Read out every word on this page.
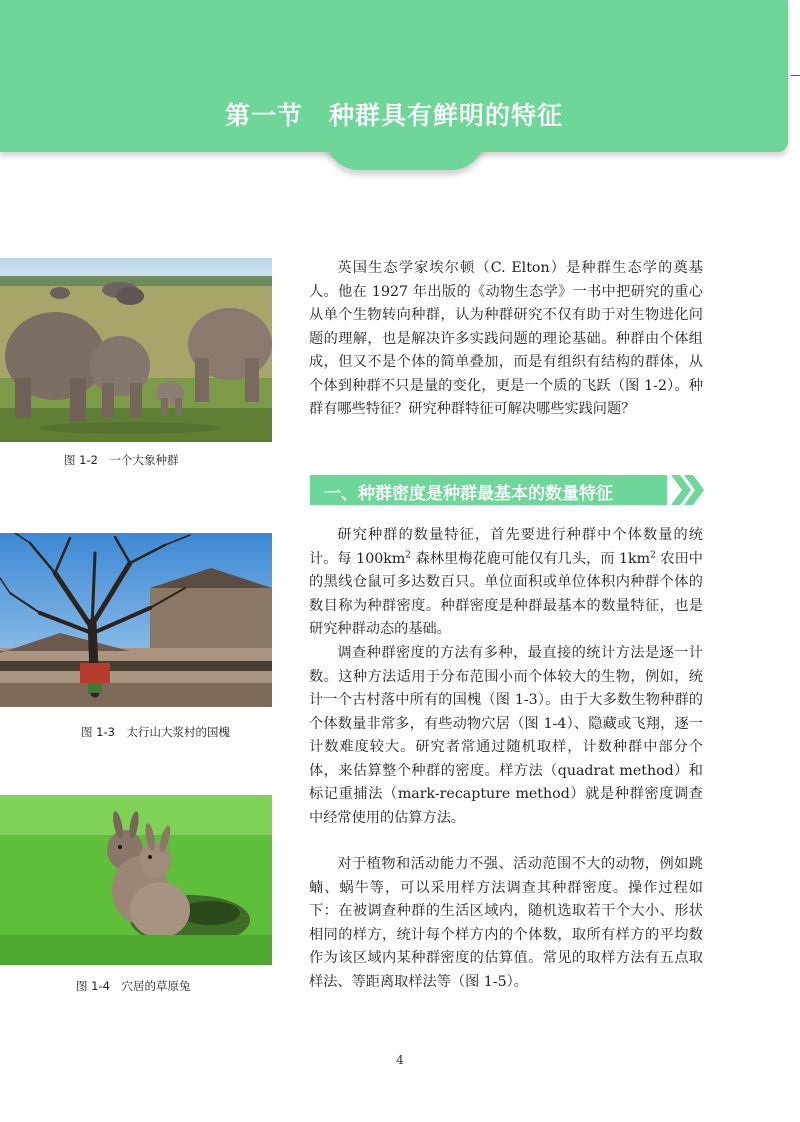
第一节　种群具有鲜明的特征
图 1-2　一个大象种群
图 1-3　太行山大浆村的国槐
图 1-4　穴居的草原兔

英国生态学家埃尔顿（C. Elton）是种群生态学的奠基人。他在 1927 年出版的《动物生态学》一书中把研究的重心从单个生物转向种群，认为种群研究不仅有助于对生物进化问题的理解，也是解决许多实践问题的理论基础。种群由个体组成，但又不是个体的简单叠加，而是有组织有结构的群体，从个体到种群不只是量的变化，更是一个质的飞跃（图 1-2）。种群有哪些特征？研究种群特征可解决哪些实践问题？

一、种群密度是种群最基本的数量特征

研究种群的数量特征，首先要进行种群中个体数量的统计。每 $100km^2$ 森林里梅花鹿可能仅有几头，而 $1km^2$ 农田中的黑线仓鼠可多达数百只。单位面积或单位体积内种群个体的数目称为种群密度。种群密度是种群最基本的数量特征，也是研究种群动态的基础。

调查种群密度的方法有多种，最直接的统计方法是逐一计数。这种方法适用于分布范围小而个体较大的生物，例如，统计一个古村落中所有的国槐（图 1-3）。由于大多数生物种群的个体数量非常多，有些动物穴居（图 1-4）、隐藏或飞翔，逐一计数难度较大。研究者常通过随机取样，计数种群中部分个体，来估算整个种群的密度。样方法（quadrat method）和标记重捕法（mark-recapture method）就是种群密度调查中经常使用的估算方法。

对于植物和活动能力不强、活动范围不大的动物，例如跳蝻、蜗牛等，可以采用样方法调查其种群密度。操作过程如下：在被调查种群的生活区域内，随机选取若干个大小、形状相同的样方，统计每个样方内的个体数，取所有样方的平均数作为该区域内某种群密度的估算值。常见的取样方法有五点取样法、等距离取样法等（图 1-5）。

4
